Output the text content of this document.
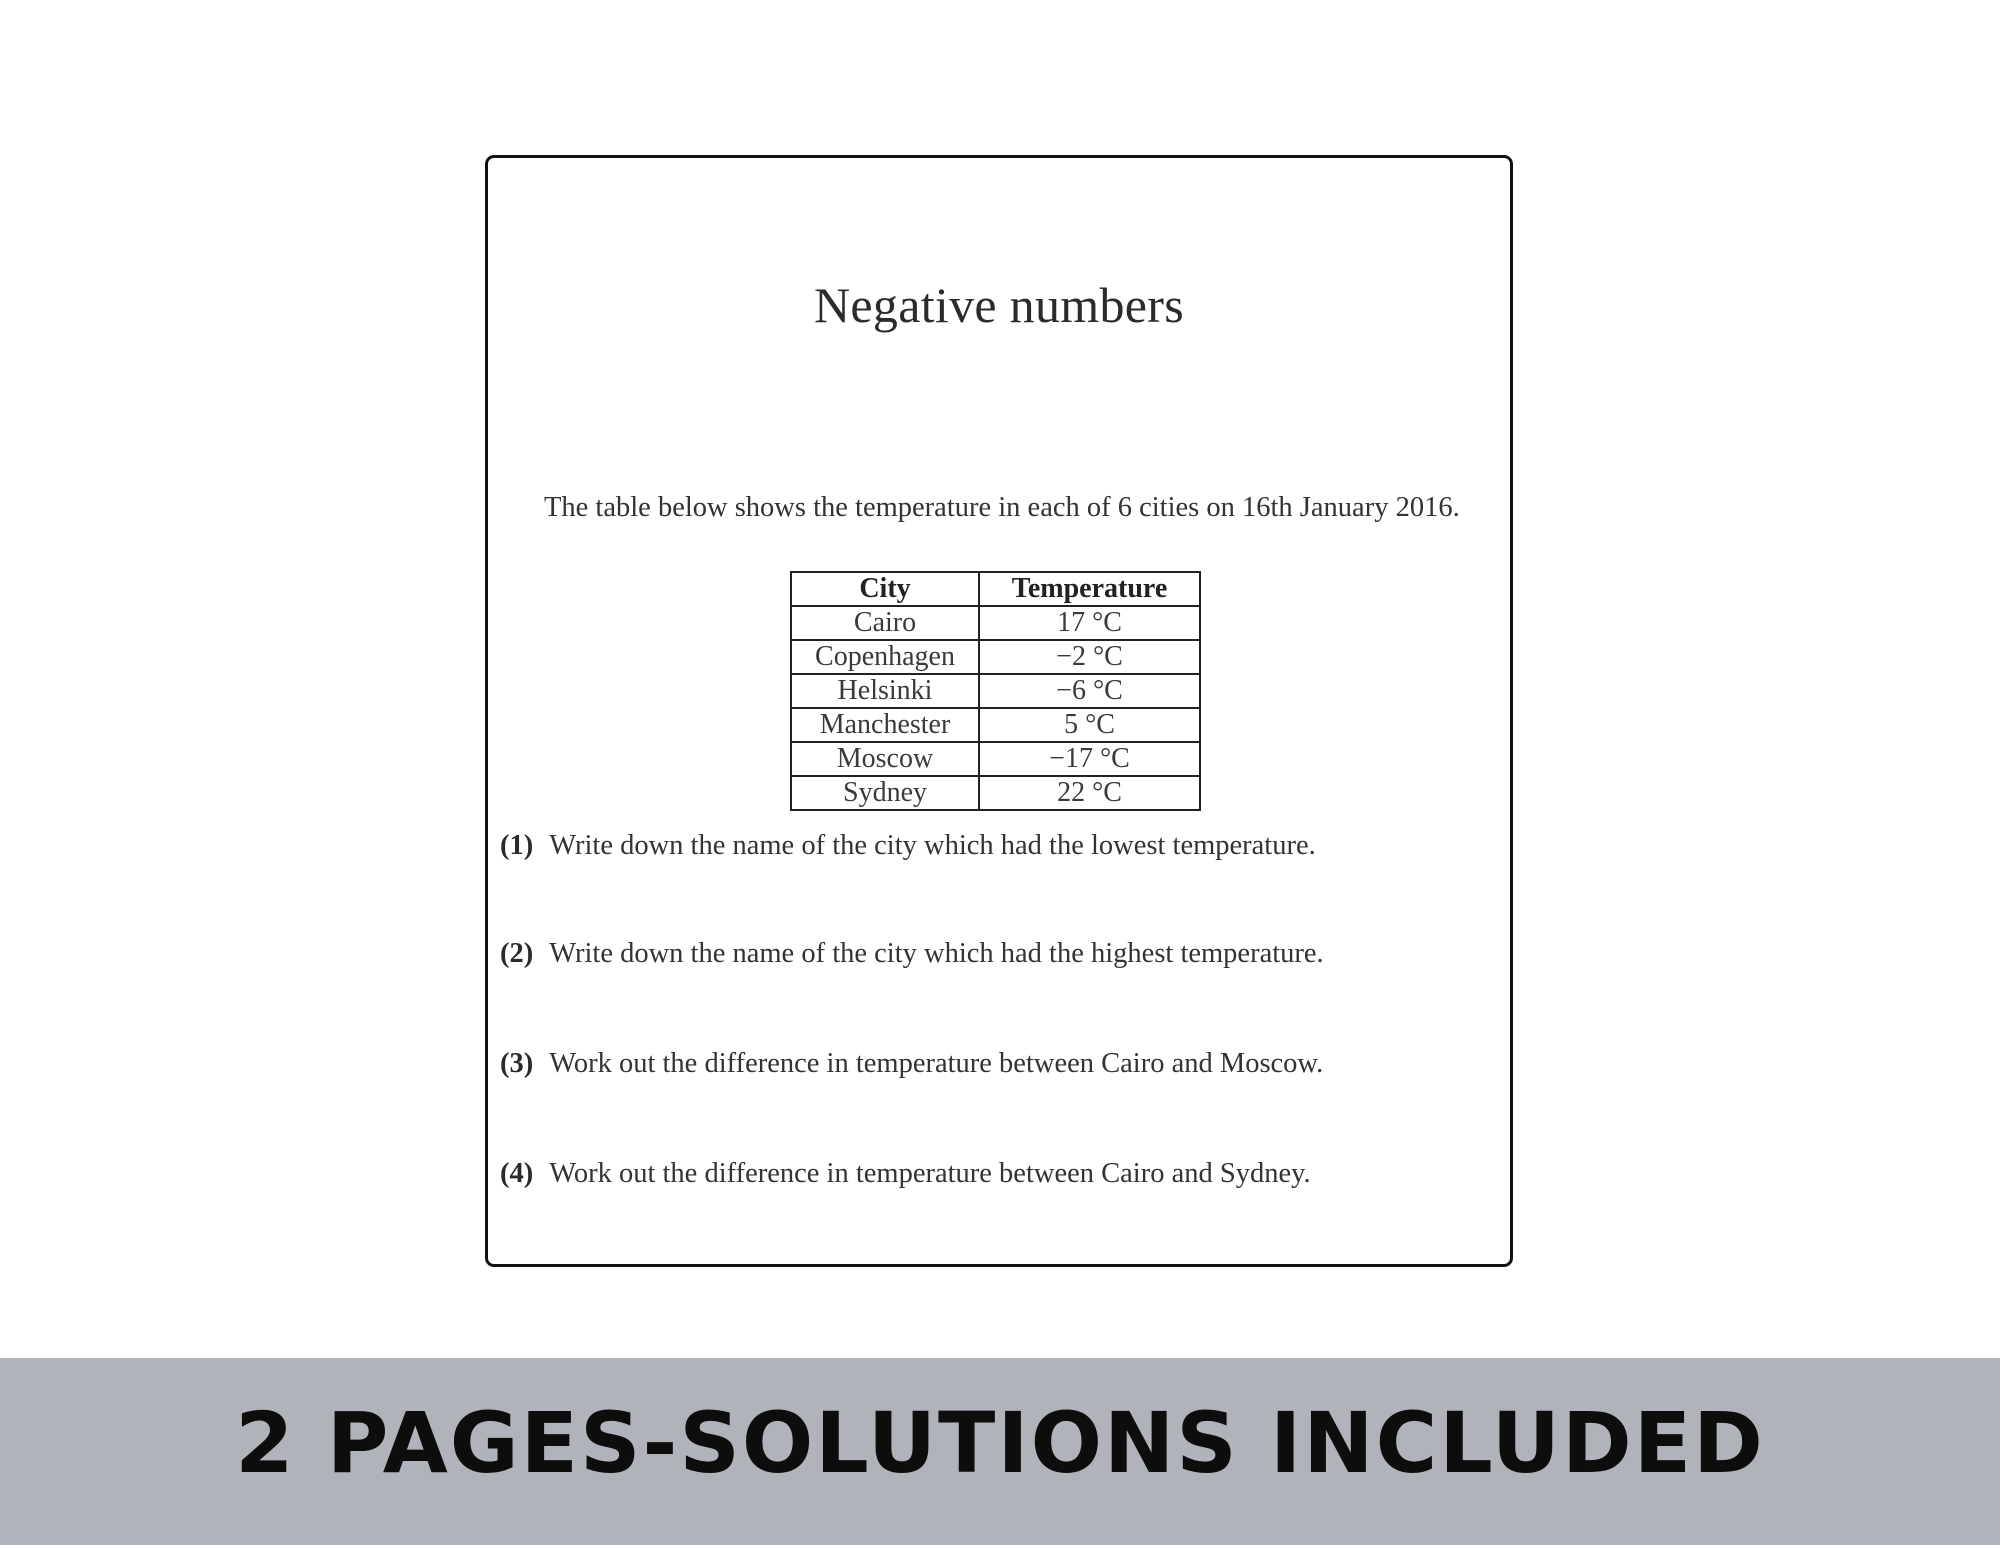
Negative numbers
The table below shows the temperature in each of 6 cities on 16th January 2016.
City	Temperature
Cairo	17 °C
Copenhagen	−2 °C
Helsinki	−6 °C
Manchester	5 °C
Moscow	−17 °C
Sydney	22 °C
(1) Write down the name of the city which had the lowest temperature.
(2) Write down the name of the city which had the highest temperature.
(3) Work out the difference in temperature between Cairo and Moscow.
(4) Work out the difference in temperature between Cairo and Sydney.
2 PAGES-SOLUTIONS INCLUDED
